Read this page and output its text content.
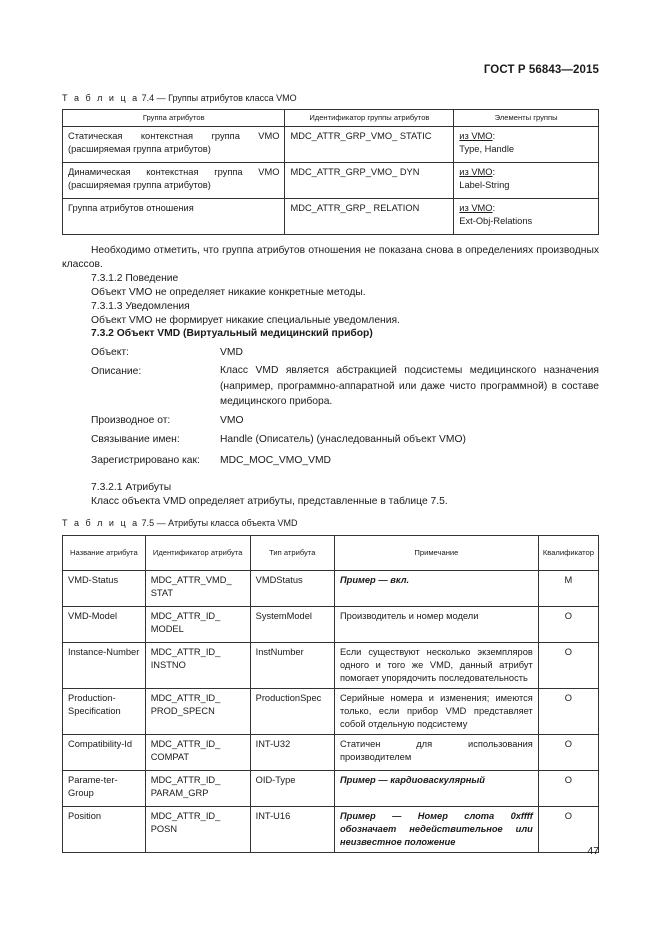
ГОСТ Р 56843—2015
Т а б л и ц а 7.4 — Группы атрибутов класса VMO
Группа атрибутов	Идентификатор группы атрибутов	Элементы группы
Статическая контекстная группа VMO (расширяемая группа атрибутов)	MDC_ATTR_GRP_VMO_ STATIC	из VMO:
Type, Handle
Динамическая контекстная группа VMO (расширяемая группа атрибутов)	MDC_ATTR_GRP_VMO_ DYN	из VMO:
Label-String
Группа атрибутов отношения	MDC_ATTR_GRP_ RELATION	из VMO:
Ext-Obj-Relations
Необходимо отметить, что группа атрибутов отношения не показана снова в определениях производных классов.
7.3.1.2 Поведение
Объект VMO не определяет никакие конкретные методы.
7.3.1.3 Уведомления
Объект VMO не формирует никакие специальные уведомления.
7.3.2 Объект VMD (Виртуальный медицинский прибор)
Объект:	VMD
Описание:	Класс VMD является абстракцией подсистемы медицинского назначения (например, программно-аппаратной или даже чисто программной) в составе медицинского прибора.
Производное от:	VMO
Связывание имен:	Handle (Описатель) (унаследованный объект VMO)
Зарегистрировано как: MDC_MOC_VMO_VMD
7.3.2.1 Атрибуты
Класс объекта VMD определяет атрибуты, представленные в таблице 7.5.
Т а б л и ц а 7.5 — Атрибуты класса объекта VMD
Название атрибута	Идентификатор атрибута	Тип атрибута	Примечание	Квалификатор
VMD-Status	MDC_ATTR_VMD_ STAT	VMDStatus	Пример — вкл.	M
VMD-Model	MDC_ATTR_ID_ MODEL	SystemModel	Производитель и номер модели	O
Instance-Number	MDC_ATTR_ID_ INSTNO	InstNumber	Если существуют несколько экземпляров одного и того же VMD, данный атрибут помогает упорядочить последовательность	O
Production-Specification	MDC_ATTR_ID_ PROD_SPECN	ProductionSpec	Серийные номера и изменения; имеются только, если прибор VMD представляет собой отдельную подсистему	O
Compatibility-Id	MDC_ATTR_ID_ COMPAT	INT-U32	Статичен для использования производителем	O
Parame-ter-Group	MDC_ATTR_ID_ PARAM_GRP	OID-Type	Пример — кардиоваскулярный	O
Position	MDC_ATTR_ID_ POSN	INT-U16	Пример — Номер слота 0xffff обозначает недействительное или неизвестное положение	O
47
